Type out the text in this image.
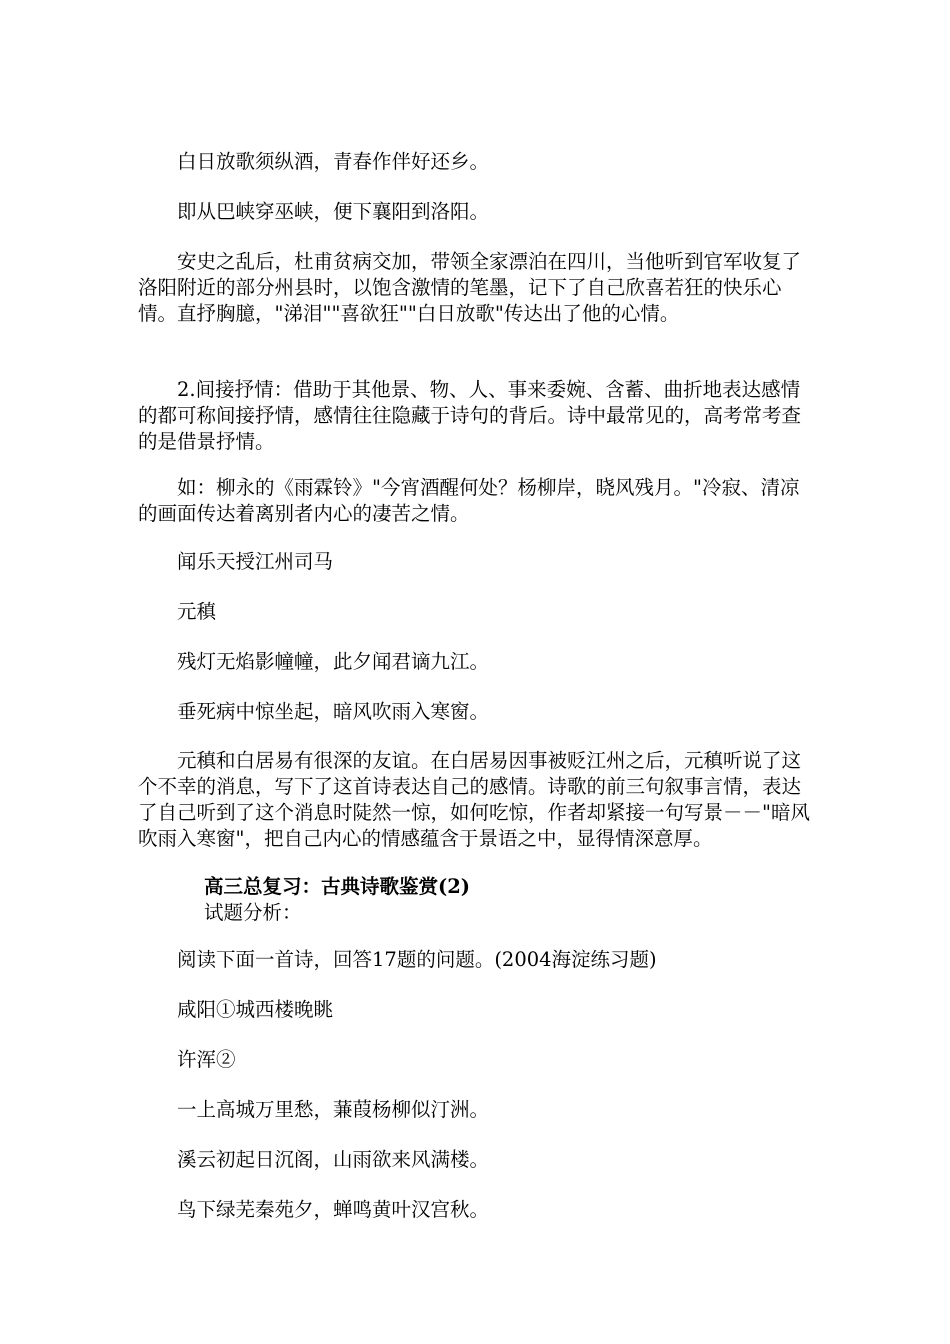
白日放歌须纵酒，青春作伴好还乡。

即从巴峡穿巫峡，便下襄阳到洛阳。

安史之乱后，杜甫贫病交加，带领全家漂泊在四川，当他听到官军收复了洛阳附近的部分州县时，以饱含激情的笔墨，记下了自己欣喜若狂的快乐心情。直抒胸臆，"涕泪""喜欲狂""白日放歌"传达出了他的心情。

2.间接抒情：借助于其他景、物、人、事来委婉、含蓄、曲折地表达感情的都可称间接抒情，感情往往隐藏于诗句的背后。诗中最常见的，高考常考查的是借景抒情。

如：柳永的《雨霖铃》"今宵酒醒何处？杨柳岸，晓风残月。"冷寂、清凉的画面传达着离别者内心的凄苦之情。

闻乐天授江州司马

元稹

残灯无焰影幢幢，此夕闻君谪九江。

垂死病中惊坐起，暗风吹雨入寒窗。

元稹和白居易有很深的友谊。在白居易因事被贬江州之后，元稹听说了这个不幸的消息，写下了这首诗表达自己的感情。诗歌的前三句叙事言情，表达了自己听到了这个消息时陡然一惊，如何吃惊，作者却紧接一句写景－－"暗风吹雨入寒窗"，把自己内心的情感蕴含于景语之中，显得情深意厚。

高三总复习：古典诗歌鉴赏(2)

试题分析：

阅读下面一首诗，回答17题的问题。(2004海淀练习题)

咸阳①城西楼晚眺

许浑②

一上高城万里愁，蒹葭杨柳似汀洲。

溪云初起日沉阁，山雨欲来风满楼。

鸟下绿芜秦苑夕，蝉鸣黄叶汉宫秋。
